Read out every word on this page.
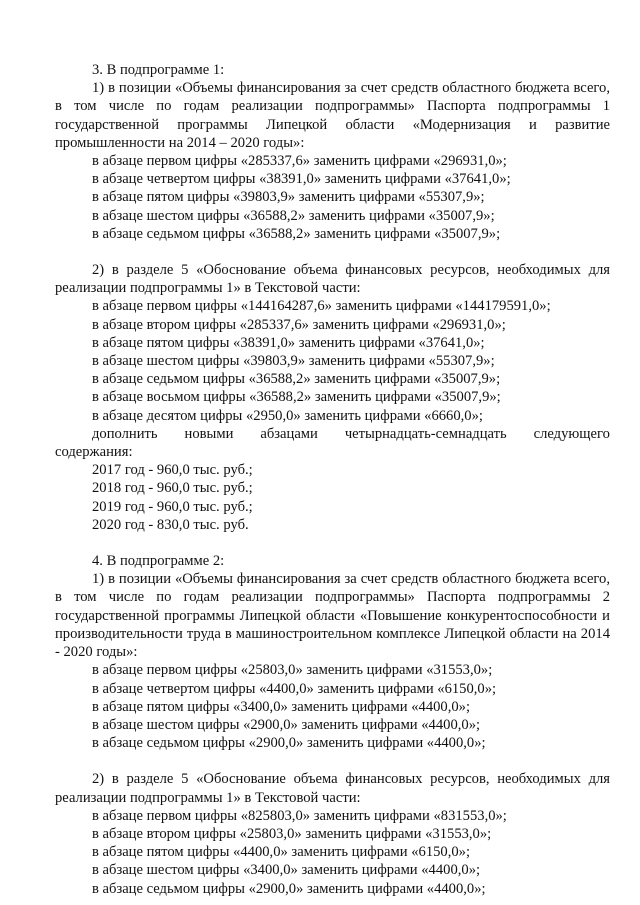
3. В подпрограмме 1:

1) в позиции «Объемы финансирования за счет средств областного бюджета всего, в том числе по годам реализации подпрограммы» Паспорта подпрограммы 1 государственной программы Липецкой области «Модернизация и развитие промышленности на 2014 – 2020 годы»:

в абзаце первом цифры «285337,6» заменить цифрами «296931,0»;
в абзаце четвертом цифры «38391,0» заменить цифрами «37641,0»;
в абзаце пятом цифры «39803,9» заменить цифрами «55307,9»;
в абзаце шестом цифры «36588,2» заменить цифрами «35007,9»;
в абзаце седьмом цифры «36588,2» заменить цифрами «35007,9»;

2) в разделе 5 «Обоснование объема финансовых ресурсов, необходимых для реализации подпрограммы 1» в Текстовой части:

в абзаце первом цифры «144164287,6» заменить цифрами «144179591,0»;
в абзаце втором цифры «285337,6» заменить цифрами «296931,0»;
в абзаце пятом цифры «38391,0» заменить цифрами «37641,0»;
в абзаце шестом цифры «39803,9» заменить цифрами «55307,9»;
в абзаце седьмом цифры «36588,2» заменить цифрами «35007,9»;
в абзаце восьмом цифры «36588,2» заменить цифрами «35007,9»;
в абзаце десятом цифры «2950,0» заменить цифрами «6660,0»;
дополнить новыми абзацами четырнадцать-семнадцать следующего

содержания:

2017 год - 960,0 тыс. руб.;
2018 год - 960,0 тыс. руб.;
2019 год - 960,0 тыс. руб.;
2020 год - 830,0 тыс. руб.

4. В подпрограмме 2:

1) в позиции «Объемы финансирования за счет средств областного бюджета всего, в том числе по годам реализации подпрограммы» Паспорта подпрограммы 2 государственной программы Липецкой области «Повышение конкурентоспособности и производительности труда в машиностроительном комплексе Липецкой области на 2014 - 2020 годы»:

в абзаце первом цифры «25803,0» заменить цифрами «31553,0»;
в абзаце четвертом цифры «4400,0» заменить цифрами «6150,0»;
в абзаце пятом цифры «3400,0» заменить цифрами «4400,0»;
в абзаце шестом цифры «2900,0» заменить цифрами «4400,0»;
в абзаце седьмом цифры «2900,0» заменить цифрами «4400,0»;

2) в разделе 5 «Обоснование объема финансовых ресурсов, необходимых для реализации подпрограммы 1» в Текстовой части:

в абзаце первом цифры «825803,0» заменить цифрами «831553,0»;
в абзаце втором цифры «25803,0» заменить цифрами «31553,0»;
в абзаце пятом цифры «4400,0» заменить цифрами «6150,0»;
в абзаце шестом цифры «3400,0» заменить цифрами «4400,0»;
в абзаце седьмом цифры «2900,0» заменить цифрами «4400,0»;
